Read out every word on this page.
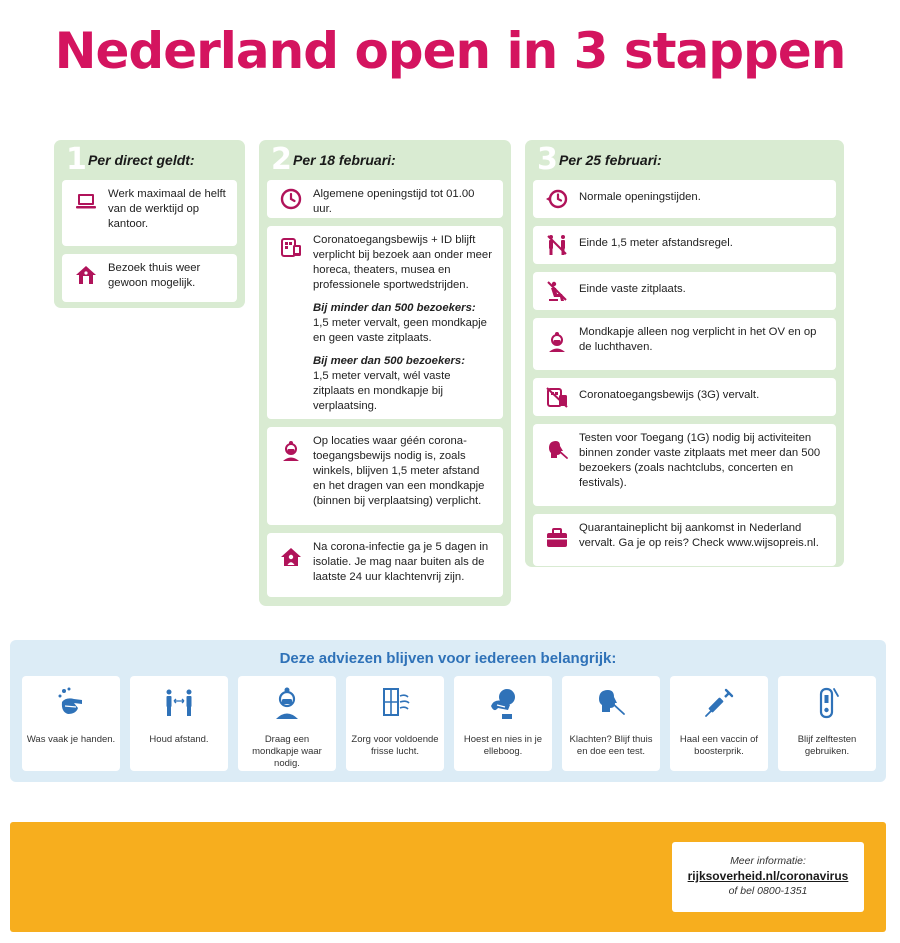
Nederland open in 3 stappen
1 Per direct geldt:

Werk maximaal de helft van de werktijd op kantoor.

Bezoek thuis weer gewoon mogelijk.

2 Per 18 februari:

Algemene openingstijd tot 01.00 uur.

Coronatoegangsbewijs + ID blijft verplicht bij bezoek aan onder meer horeca, theaters, musea en professionele sportwedstrijden.

Bij minder dan 500 bezoekers:

1,5 meter vervalt, geen mondkapje en geen vaste zitplaats.

Bij meer dan 500 bezoekers:

1,5 meter vervalt, wél vaste zitplaats en mondkapje bij verplaatsing.

Op locaties waar géén corona-toegangsbewijs nodig is, zoals winkels, blijven 1,5 meter afstand en het dragen van een mondkapje (binnen bij verplaatsing) verplicht.

Na corona-infectie ga je 5 dagen in isolatie. Je mag naar buiten als de laatste 24 uur klachtenvrij zijn.

3 Per 25 februari:

Normale openingstijden.

Einde 1,5 meter afstandsregel.

Einde vaste zitplaats.

Mondkapje alleen nog verplicht in het OV en op de luchthaven.

Coronatoegangsbewijs (3G) vervalt.

Testen voor Toegang (1G) nodig bij activiteiten binnen zonder vaste zitplaats met meer dan 500 bezoekers (zoals nachtclubs, concerten en festivals).

Quarantaineplicht bij aankomst in Nederland vervalt. Ga je op reis? Check www.wijsopreis.nl.

Deze adviezen blijven voor iedereen belangrijk:
Was vaak je handen.	Houd afstand.	Draag een mondkapje waar nodig.
Zorg voor voldoende frisse lucht.
Hoest en nies in je elleboog.
Klachten? Blijf thuis en doe een test.
Haal een vaccin of boosterprik.
Blijf zelftesten gebruiken.
Meer informatie:
rijksoverheid.nl/coronavirus
of bel 0800-1351
